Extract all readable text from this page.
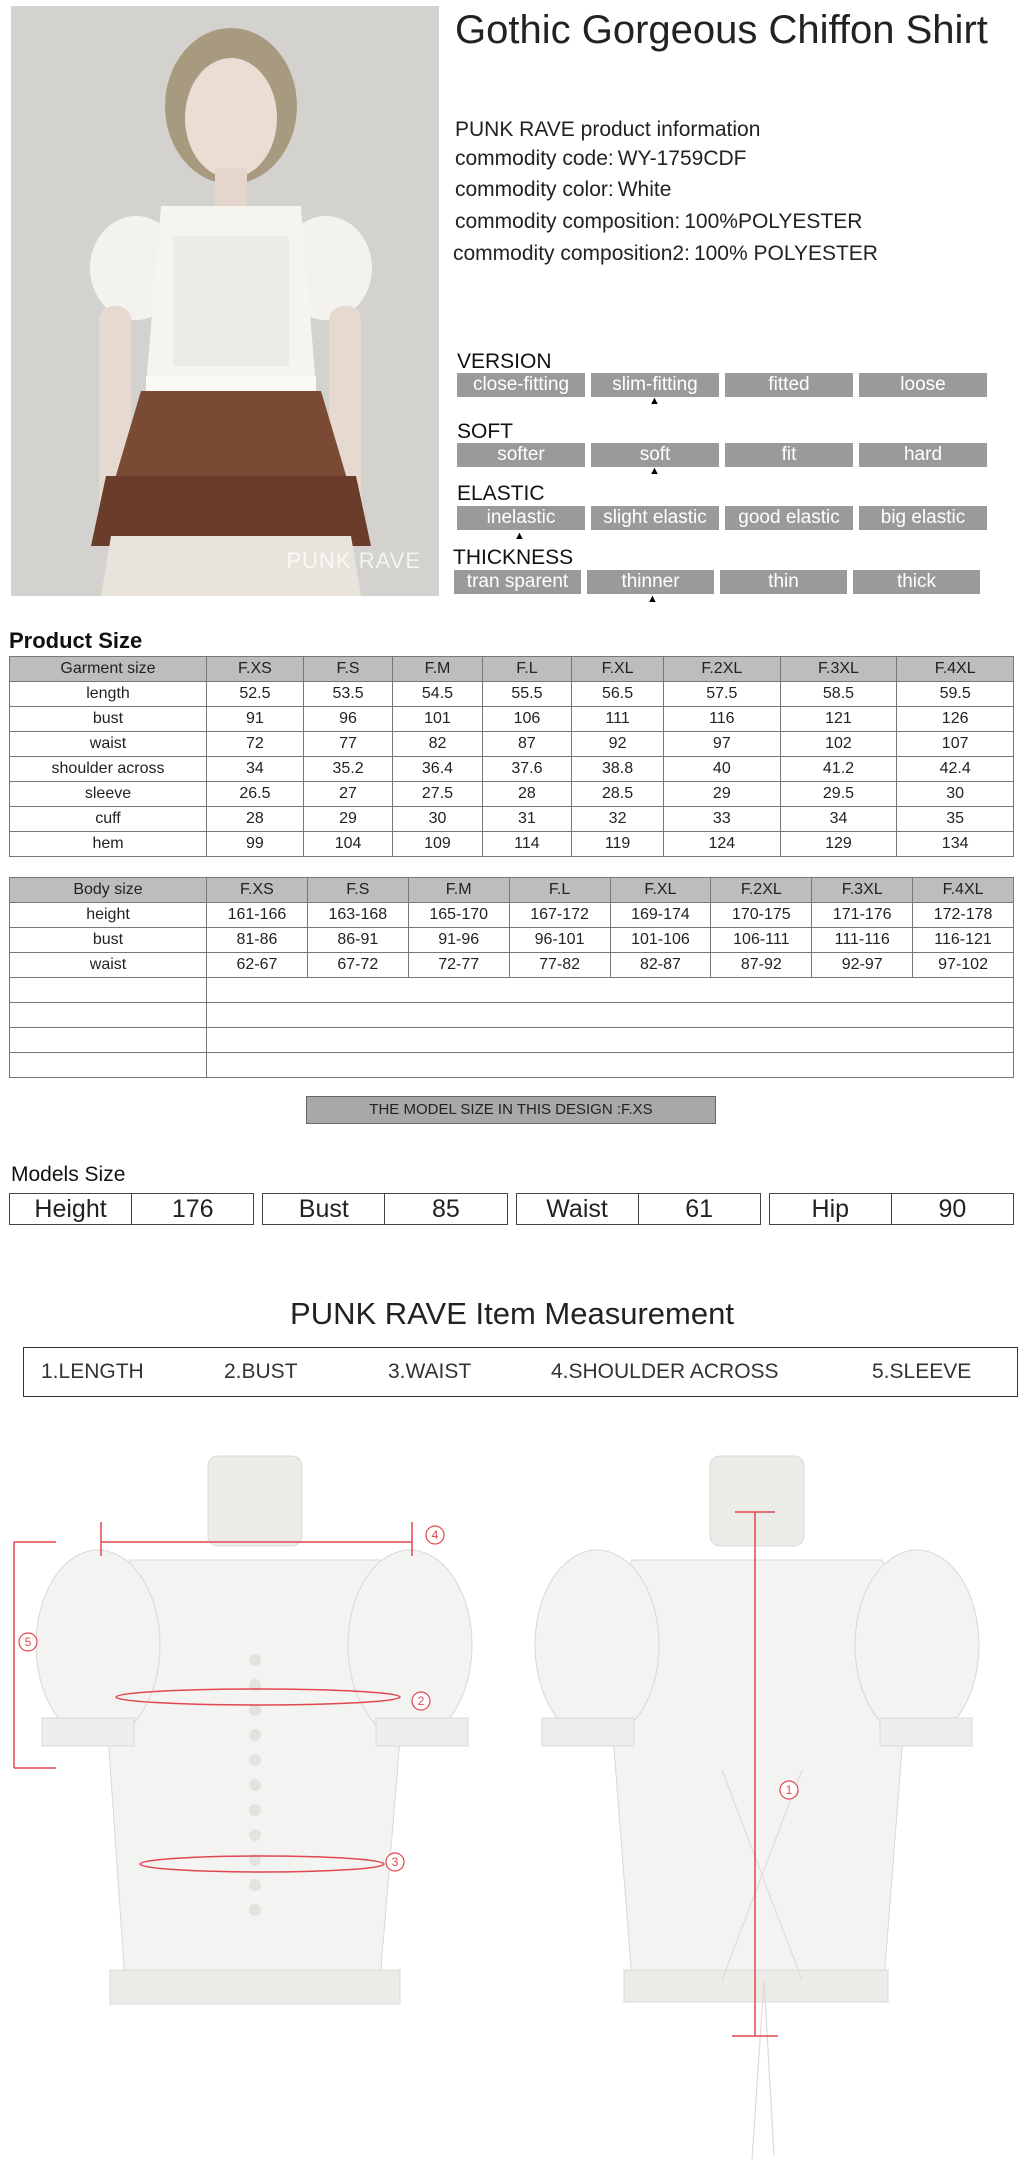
PUNK RAVE
Gothic Gorgeous Chiffon Shirt
PUNK RAVE product information
commodity code: WY-1759CDF
commodity color: White
commodity composition: 100%POLYESTER
commodity composition2: 100% POLYESTER
VERSION
close-fitting	slim-fitting	fitted	loose
▲
SOFT
softer	soft	fit	hard
▲
ELASTIC
inelastic	slight elastic	good elastic	big elastic
▲
THICKNESS
tran sparent	thinner	thin	thick
▲
Product Size
Garment size	F.XS	F.S	F.M	F.L	F.XL	F.2XL	F.3XL	F.4XL
length	52.5	53.5	54.5	55.5	56.5	57.5	58.5	59.5
bust	91	96	101	106	111	116	121	126
waist	72	77	82	87	92	97	102	107
shoulder across	34	35.2	36.4	37.6	38.8	40	41.2	42.4
sleeve	26.5	27	27.5	28	28.5	29	29.5	30
cuff	28	29	30	31	32	33	34	35
hem	99	104	109	114	119	124	129	134
Body size	F.XS	F.S	F.M	F.L	F.XL	F.2XL	F.3XL	F.4XL
height	161-166	163-168	165-170	167-172	169-174	170-175	171-176	172-178
bust	81-86	86-91	91-96	96-101	101-106	106-111	111-116	116-121
waist	62-67	67-72	72-77	77-82	82-87	87-92	92-97	97-102

THE MODEL SIZE IN THIS DESIGN :F.XS
Models Size
Height	176	Bust	85	Waist	61	Hip	90
PUNK RAVE Item Measurement
1.LENGTH	2.BUST	3.WAIST	4.SHOULDER ACROSS	5.SLEEVE
4
2
3
5
1
